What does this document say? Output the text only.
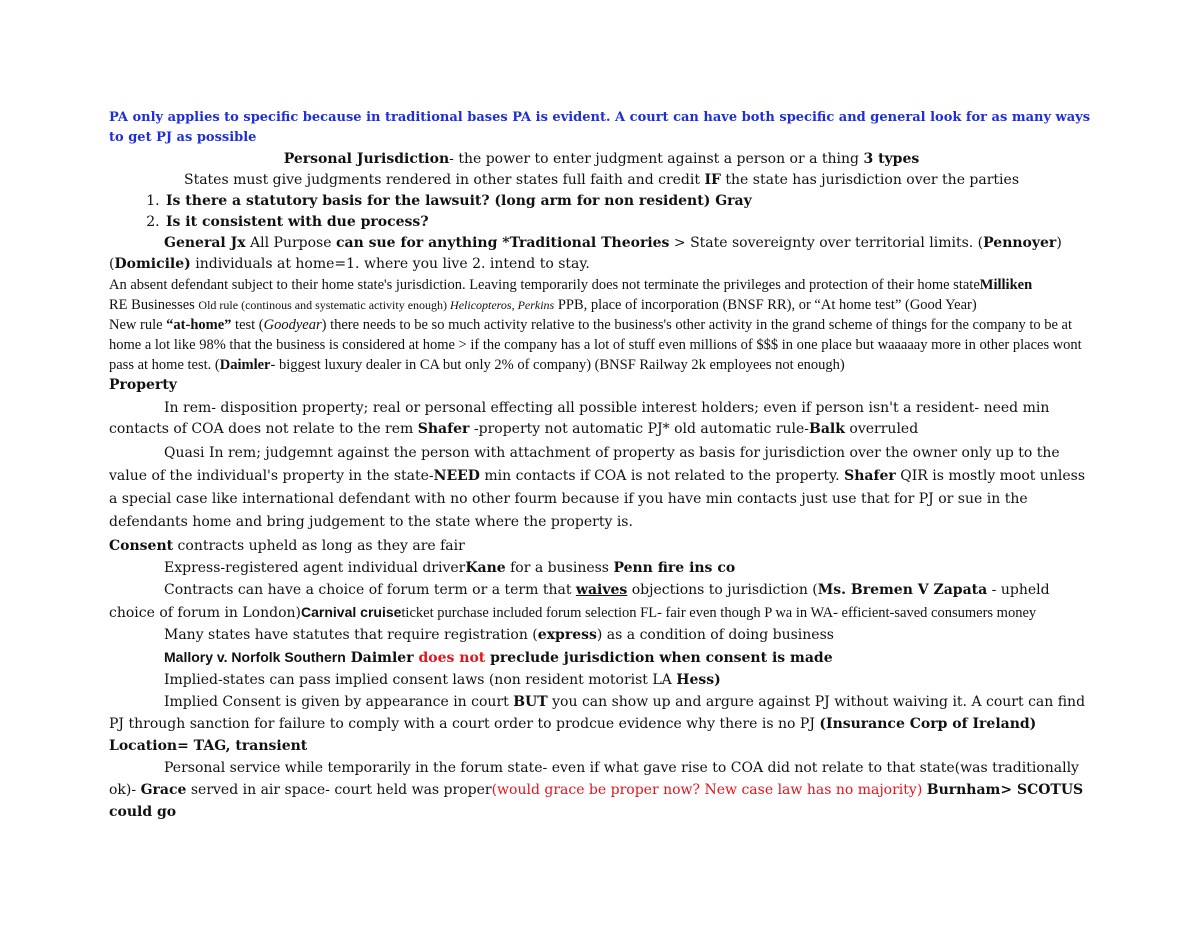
PA only applies to specific because in traditional bases PA is evident. A court can have both specific and general look for as many ways to get PJ as possible

Personal Jurisdiction- the power to enter judgment against a person or a thing 3 types

States must give judgments rendered in other states full faith and credit IF the state has jurisdiction over the parties

1. Is there a statutory basis for the lawsuit? (long arm for non resident) Gray
2. Is it consistent with due process?

General Jx All Purpose can sue for anything *Traditional Theories > State sovereignty over territorial limits. (Pennoyer)

(Domicile) individuals at home=1. where you live 2. intend to stay.

An absent defendant subject to their home state's jurisdiction. Leaving temporarily does not terminate the privileges and protection of their home stateMilliken

RE Businesses Old rule (continous and systematic activity enough) Helicopteros, Perkins PPB, place of incorporation (BNSF RR), or “At home test” (Good Year)

New rule “at-home” test (Goodyear) there needs to be so much activity relative to the business's other activity in the grand scheme of things for the company to be at home a lot like 98% that the business is considered at home > if the company has a lot of stuff even millions of $$$ in one place but waaaaay more in other places wont pass at home test. (Daimler- biggest luxury dealer in CA but only 2% of company) (BNSF Railway 2k employees not enough)

Property

In rem- disposition property; real or personal effecting all possible interest holders; even if person isn't a resident- need min contacts of COA does not relate to the rem Shafer -property not automatic PJ* old automatic rule-Balk overruled

Quasi In rem; judgemnt against the person with attachment of property as basis for jurisdiction over the owner only up to the value of the individual's property in the state-NEED min contacts if COA is not related to the property. Shafer QIR is mostly moot unless a special case like international defendant with no other fourm because if you have min contacts just use that for PJ or sue in the defendants home and bring judgement to the state where the property is.

Consent contracts upheld as long as they are fair

Express-registered agent individual driverKane for a business Penn fire ins co

Contracts can have a choice of forum term or a term that waives objections to jurisdiction (Ms. Bremen V Zapata - upheld choice of forum in London)Carnival cruiseticket purchase included forum selection FL- fair even though P wa in WA- efficient-saved consumers money

Many states have statutes that require registration (express) as a condition of doing business

Mallory v. Norfolk Southern Daimler does not preclude jurisdiction when consent is made

Implied-states can pass implied consent laws (non resident motorist LA Hess)

Implied Consent is given by appearance in court BUT you can show up and argure against PJ without waiving it. A court can find PJ through sanction for failure to comply with a court order to prodcue evidence why there is no PJ (Insurance Corp of Ireland)

Location= TAG, transient

Personal service while temporarily in the forum state- even if what gave rise to COA did not relate to that state(was traditionally ok)- Grace served in air space- court held was proper(would grace be proper now? New case law has no majority) Burnham> SCOTUS could go
